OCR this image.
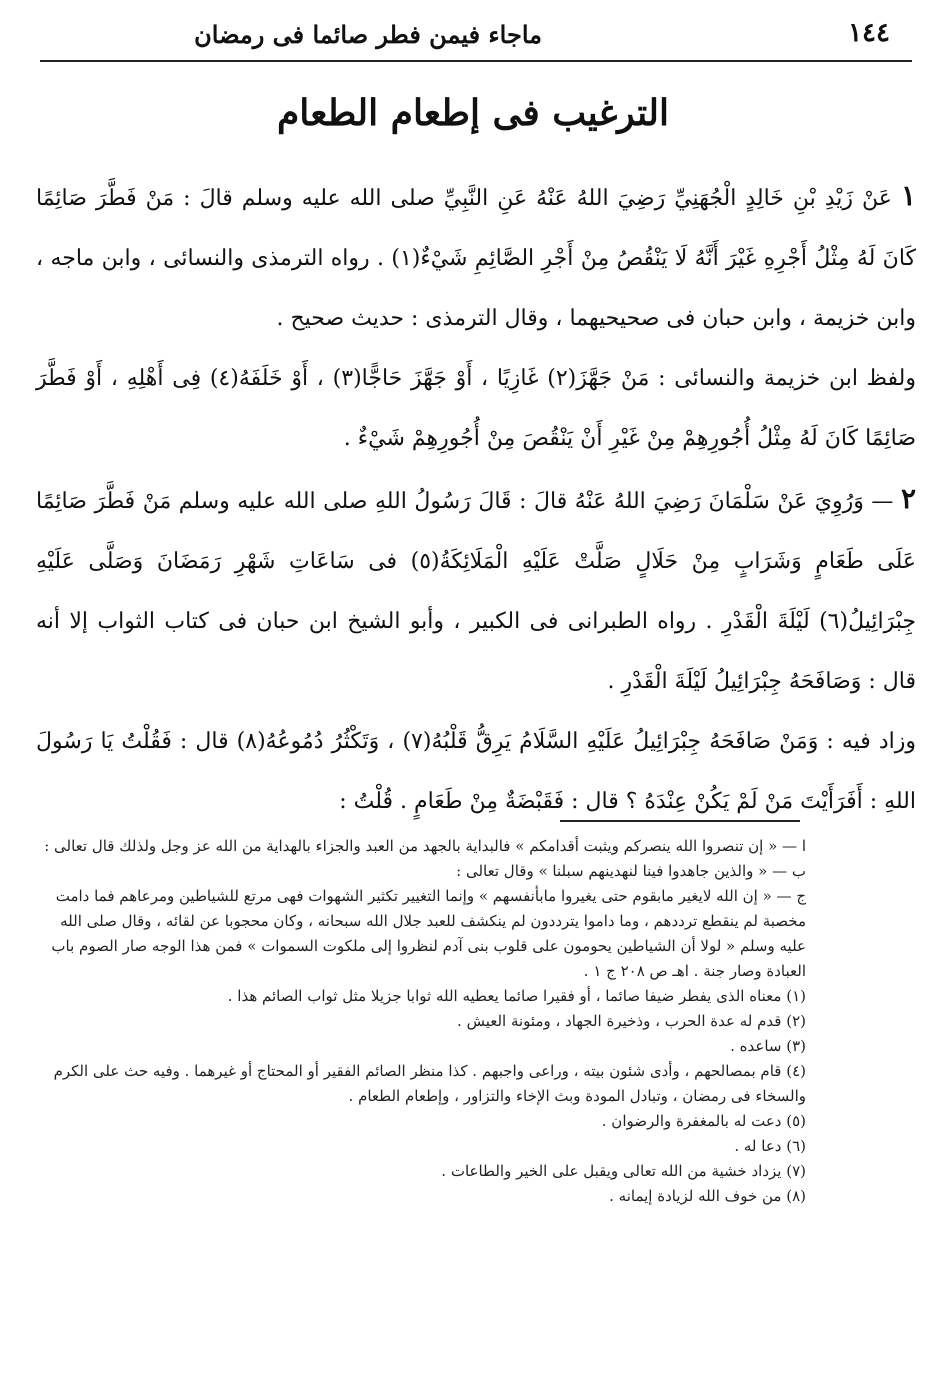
١٤٤
ماجاء فيمن فطر صائما فى رمضان
الترغيب فى إطعام الطعام

١ عَنْ زَيْدِ بْنِ خَالِدٍ الْجُهَنِيِّ رَضِيَ اللهُ عَنْهُ عَنِ النَّبِيِّ صلى الله عليه وسلم قالَ : مَنْ فَطَّرَ صَائِمًا كَانَ لَهُ مِثْلُ أَجْرِهِ غَيْرَ أَنَّهُ لَا يَنْقُصُ مِنْ أَجْرِ الصَّائِمِ شَيْءٌ(١) . رواه الترمذى والنسائى ، وابن ماجه ، وابن خزيمة ، وابن حبان فى صحيحيهما ، وقال الترمذى : حديث صحيح .

ولفظ ابن خزيمة والنسائى : مَنْ جَهَّزَ(٢) غَازِيًا ، أَوْ جَهَّزَ حَاجًّا(٣) ، أَوْ خَلَفَهُ(٤) فِى أَهْلِهِ ، أَوْ فَطَّرَ صَائِمًا كَانَ لَهُ مِثْلُ أُجُورِهِمْ مِنْ غَيْرِ أَنْ يَنْقُصَ مِنْ أُجُورِهِمْ شَيْءٌ .

٢ — وَرُوِيَ عَنْ سَلْمَانَ رَضِيَ اللهُ عَنْهُ قالَ : قَالَ رَسُولُ اللهِ صلى الله عليه وسلم مَنْ فَطَّرَ صَائِمًا عَلَى طَعَامٍ وَشَرَابٍ مِنْ حَلَالٍ صَلَّتْ عَلَيْهِ الْمَلَائِكَةُ(٥) فى سَاعَاتِ شَهْرِ رَمَضَانَ وَصَلَّى عَلَيْهِ جِبْرَائِيلُ(٦) لَيْلَةَ الْقَدْرِ . رواه الطبرانى فى الكبير ، وأبو الشيخ ابن حبان فى كتاب الثواب إلا أنه قال : وَصَافَحَهُ جِبْرَائِيلُ لَيْلَةَ الْقَدْرِ .

وزاد فيه : وَمَنْ صَافَحَهُ جِبْرَائِيلُ عَلَيْهِ السَّلَامُ يَرِقُّ قَلْبُهُ(٧) ، وَتَكْثُرُ دُمُوعُهُ(٨) قال : فَقُلْتُ يَا رَسُولَ اللهِ : أَفَرَأَيْتَ مَنْ لَمْ يَكُنْ عِنْدَهُ ؟ قال : فَقَبْضَةٌ مِنْ طَعَامٍ . قُلْتُ :

ا — « إن تنصروا الله ينصركم ويثبت أقدامكم » فالبداية بالجهد من العبد والجزاء بالهداية من الله عز وجل ولذلك قال تعالى :

ب — « والذين جاهدوا فينا لنهدينهم سبلنا » وقال تعالى :

ج — « إن الله لايغير مابقوم حتى يغيروا مابأنفسهم » وإنما التغيير تكثير الشهوات فهى مرتع للشياطين ومرعاهم فما دامت مخصبة لم ينقطع ترددهم ، وما داموا يترددون لم ينكشف للعبد جلال الله سبحانه ، وكان محجوبا عن لقائه ، وقال صلى الله عليه وسلم « لولا أن الشياطين يحومون على قلوب بنى آدم لنظروا إلى ملكوت السموات » فمن هذا الوجه صار الصوم باب العبادة وصار جنة . اهـ ص ٢٠٨ ج ١ .

(١) معناه الذى يفطر ضيفا صائما ، أو فقيرا صائما يعطيه الله ثوابا جزيلا مثل ثواب الصائم هذا .

(٢) قدم له عدة الحرب ، وذخيرة الجهاد ، ومئونة العيش .

(٣) ساعده .

(٤) قام بمصالحهم ، وأدى شئون بيته ، وراعى واجبهم . كذا منظر الصائم الفقير أو المحتاج أو غيرهما . وفيه حث على الكرم والسخاء فى رمضان ، وتبادل المودة وبث الإخاء والتزاور ، وإطعام الطعام .

(٥) دعت له بالمغفرة والرضوان .

(٦) دعا له .

(٧) يزداد خشية من الله تعالى ويقبل على الخير والطاعات .

(٨) من خوف الله لزيادة إيمانه .
